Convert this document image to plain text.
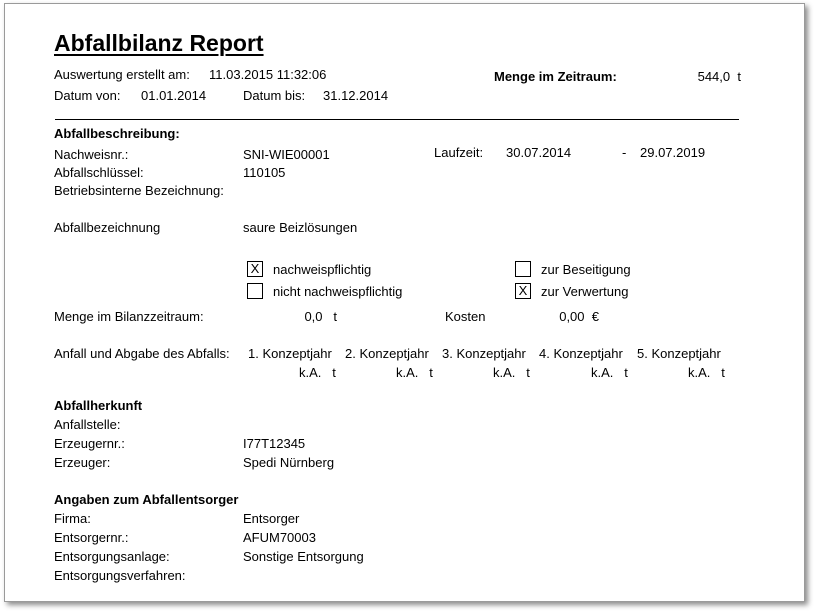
Abfallbilanz Report
Auswertung erstellt am: 11.03.2015 11:32:06	Menge im Zeitraum:	544,0 t
Datum von: 01.01.2014	Datum bis: 31.12.2014
Abfallbeschreibung:
Nachweisnr.:	SNI-WIE00001	Laufzeit: 30.07.2014	- 29.07.2019
Abfallschlüssel:	110105
Betriebsinterne Bezeichnung:
Abfallbezeichnung	saure Beizlösungen
X nachweispflichtig
nicht nachweispflichtig
zur Beseitigung
X zur Verwertung
Menge im Bilanzzeitraum:	0,0 t	Kosten	0,00 €
Anfall und Abgabe des Abfalls: 1. Konzeptjahr 2. Konzeptjahr 3. Konzeptjahr 4. Konzeptjahr 5. Konzeptjahr
k.A. t	k.A. t	k.A. t	k.A. t	k.A. t
Abfallherkunft
Anfallstelle:
Erzeugernr.:	I77T12345
Erzeuger:	Spedi Nürnberg
Angaben zum Abfallentsorger
Firma:	Entsorger
Entsorgernr.:	AFUM70003
Entsorgungsanlage:	Sonstige Entsorgung
Entsorgungsverfahren:
